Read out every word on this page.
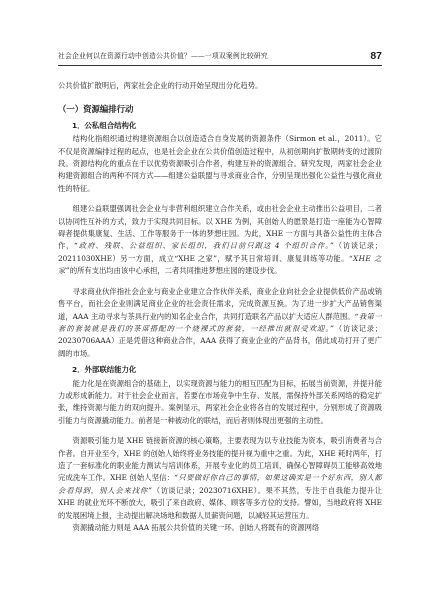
社会企业何以在资源行动中创造公共价值？——一项双案例比较研究	87

公共价值扩散明后，两家社会企业的行动开始呈现出分化趋势。

（一）资源编排行动
1．公私组合结构化

结构化指组织通过构建资源组合以创造适合自身发展的资源条件（Sirmon et al.，2011）。它不仅是资源编排过程的起点，也是社会企业在公共价值创造过程中，从初创期向扩散期转变的过渡阶段。资源结构化的重点在于以优势资源吸引合作者，构建互补的资源组合。研究发现，两家社会企业构建资源组合的两种不同方式——组建公益联盟与寻求商业合作，分别呈现出强化公益性与强化商业性的特征。

组建公益联盟强调社会企业与非营利组织建立合作关系，或由社会企业主动推出公益项目，二者以协同性互补的方式，致力于实现共同目标。以 XHE 为例，其创始人的愿景是打造一座能为心智障碍者提供集康复、生活、工作等服务于一体的梦想庄园。为此，XHE 一方面与具备公益性的主体合作，“政府、残联、公益组织、家长组织，我们目前只跟这 4 个组织合作。”（访谈记录；20211030XHE）另一方面，成立“XHE 之家”，赋予其日常培训、康复训练等功能。“XHE 之家”的所有支出均由该中心承担，二者共同推进梦想庄园的建设步伐。

寻求商业伙伴指社会企业与商业企业建立合作伙伴关系，商业企业向社会企业提供低价产品或销售平台，而社会企业则满足商业企业的社会责任需求，完成资源互换。为了进一步扩大产品销售渠道，AAA 主动寻求与茶具行业内的知名企业合作，共同打造联名产品以扩大适应人群范围。“我第一套的套装就是我们的茶席搭配的一个烧裸式的套装，一经推出就很受欢迎。”（访谈记录；20230706AAA）正是凭借这种商业合作，AAA 获得了商业企业的产品背书，借此成功打开了更广阔的市场。

2．外部联结能力化

能力化是在资源组合的基础上，以实现资源与能力的相互匹配为目标，拓展当前资源，并提升能力或形成新能力。对于社会企业而言，若要在市场竞争中生存、发展，需保持外部关系网络的稳定扩张，维持资源与能力的双向提升。案例显示，两家社会企业将各自的发展过程中，分别形成了资源吸引能力与资源撬动能力。前者是一种被动化的联结，而后者则体现出更强的主动性。

资源吸引能力是 XHE 链接新资源的核心策略，主要表现为以专业技能为资本，吸引消费者与合作者。自开业至今，XHE 的创始人始终将业务技能的提升视为重中之重。为此，XHE 耗时两年，打造了一套标准化的职业能力测试与培训体系，开展专业化的员工培训，确保心智障碍员工能够高效地完成洗车工作。XHE 创始人坚信：“只要做好你自己的事情，如果这确实是一个好东西，别人都会看得到，别人会来找你”（访谈记录；20230716XHE）。果不其然，专注于自我能力提升让 XHE 的就业光环不断放大，吸引了来自政府、媒体、顾客等多方位的支持。譬如，当地政府将 XHE 的发展困境上报，主动提出解决场地和数据人员薪资问题，以减轻其运营压力。

资源撬动能力则是 AAA 拓展公共价值的关键一环。创始人将既有的资源网络
